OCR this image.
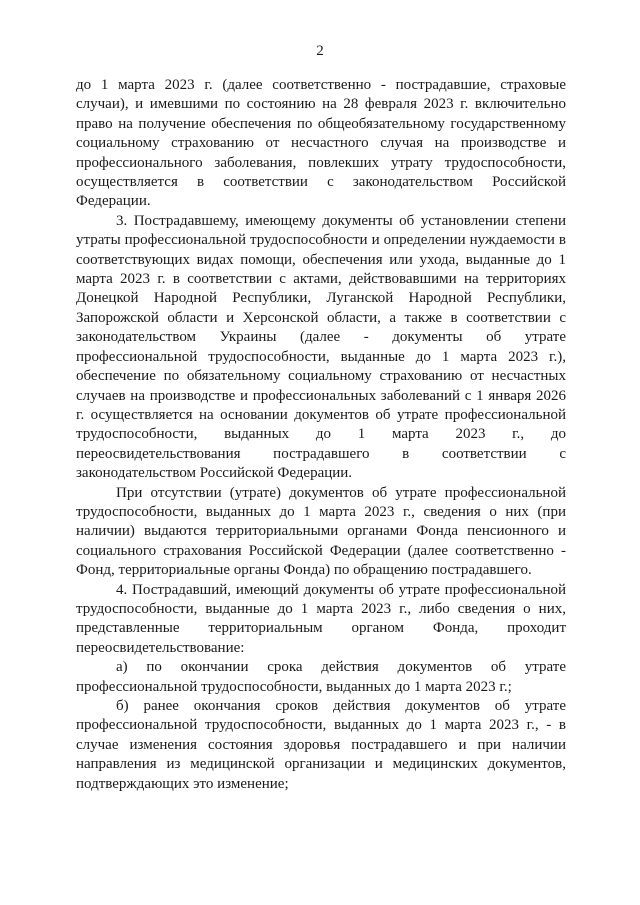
2

до 1 марта 2023 г. (далее соответственно - пострадавшие, страховые случаи), и имевшими по состоянию на 28 февраля 2023 г. включительно право на получение обеспечения по общеобязательному государственному социальному страхованию от несчастного случая на производстве и профессионального заболевания, повлекших утрату трудоспособности, осуществляется в соответствии с законодательством Российской Федерации.

3. Пострадавшему, имеющему документы об установлении степени утраты профессиональной трудоспособности и определении нуждаемости в соответствующих видах помощи, обеспечения или ухода, выданные до 1 марта 2023 г. в соответствии с актами, действовавшими на территориях Донецкой Народной Республики, Луганской Народной Республики, Запорожской области и Херсонской области, а также в соответствии с законодательством Украины (далее - документы об утрате профессиональной трудоспособности, выданные до 1 марта 2023 г.), обеспечение по обязательному социальному страхованию от несчастных случаев на производстве и профессиональных заболеваний с 1 января 2026 г. осуществляется на основании документов об утрате профессиональной трудоспособности, выданных до 1 марта 2023 г., до переосвидетельствования пострадавшего в соответствии с законодательством Российской Федерации.

При отсутствии (утрате) документов об утрате профессиональной трудоспособности, выданных до 1 марта 2023 г., сведения о них (при наличии) выдаются территориальными органами Фонда пенсионного и социального страхования Российской Федерации (далее соответственно - Фонд, территориальные органы Фонда) по обращению пострадавшего.

4. Пострадавший, имеющий документы об утрате профессиональной трудоспособности, выданные до 1 марта 2023 г., либо сведения о них, представленные территориальным органом Фонда, проходит переосвидетельствование:

а) по окончании срока действия документов об утрате профессиональной трудоспособности, выданных до 1 марта 2023 г.;

б) ранее окончания сроков действия документов об утрате профессиональной трудоспособности, выданных до 1 марта 2023 г., - в случае изменения состояния здоровья пострадавшего и при наличии направления из медицинской организации и медицинских документов, подтверждающих это изменение;
